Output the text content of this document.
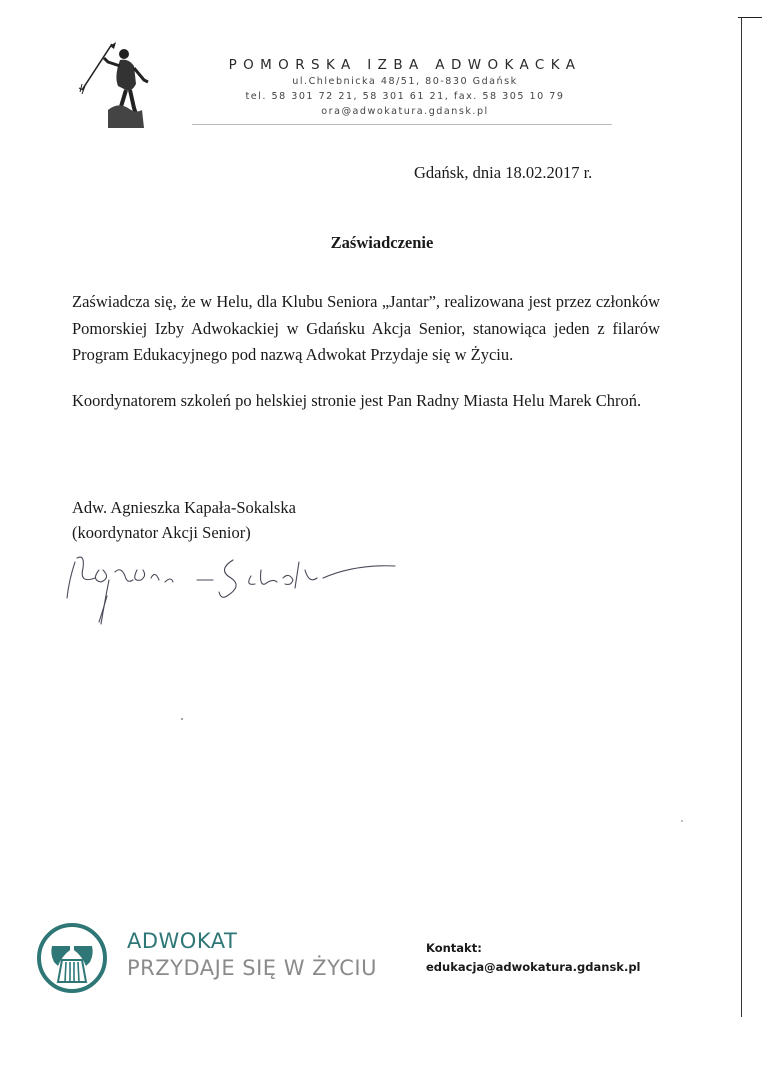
POMORSKA IZBA ADWOKACKA
ul.Chlebnicka 48/51, 80-830 Gdańsk
tel. 58 301 72 21, 58 301 61 21, fax. 58 305 10 79
ora@adwokatura.gdansk.pl
Gdańsk, dnia 18.02.2017 r.
Zaświadczenie

Zaświadcza się, że w Helu, dla Klubu Seniora „Jantar”, realizowana jest przez członków Pomorskiej Izby Adwokackiej w Gdańsku Akcja Senior, stanowiąca jeden z filarów Program Edukacyjnego pod nazwą Adwokat Przydaje się w Życiu.

Koordynatorem szkoleń po helskiej stronie jest Pan Radny Miasta Helu Marek Chroń.

Adw. Agnieszka Kapała-Sokalska
(koordynator Akcji Senior)
ADWOKAT
PRZYDAJE SIĘ W ŻYCIU
Kontakt:
edukacja@adwokatura.gdansk.pl
